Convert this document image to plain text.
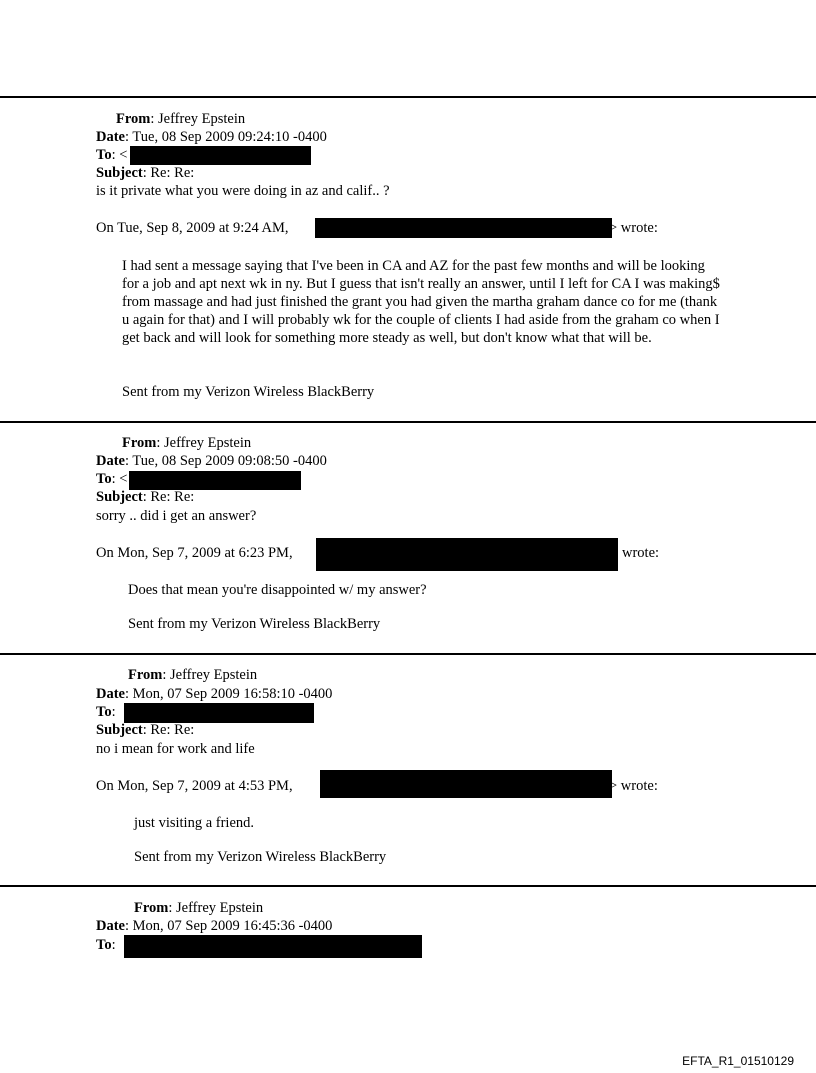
From: Jeffrey Epstein
Date: Tue, 08 Sep 2009 09:24:10 -0400
To: <
Subject: Re: Re:
is it private what you were doing in az and calif.. ?
On Tue, Sep 8, 2009 at 9:24 AM,	> wrote:
I had sent a message saying that I've been in CA and AZ for the past few months and will be looking for a job and apt next wk in ny. But I guess that isn't really an answer, until I left for CA I was making$ from massage and had just finished the grant you had given the martha graham dance co for me (thank u again for that) and I will probably wk for the couple of clients I had aside from the graham co when I get back and will look for something more steady as well, but don't know what that will be.
Sent from my Verizon Wireless BlackBerry
From: Jeffrey Epstein
Date: Tue, 08 Sep 2009 09:08:50 -0400
To: <
Subject: Re: Re:
sorry .. did i get an answer?
On Mon, Sep 7, 2009 at 6:23 PM,	wrote:
Does that mean you're disappointed w/ my answer?
Sent from my Verizon Wireless BlackBerry
From: Jeffrey Epstein
Date: Mon, 07 Sep 2009 16:58:10 -0400
To:
Subject: Re: Re:
no i mean for work and life
On Mon, Sep 7, 2009 at 4:53 PM,	> wrote:
just visiting a friend.
Sent from my Verizon Wireless BlackBerry
From: Jeffrey Epstein
Date: Mon, 07 Sep 2009 16:45:36 -0400
To:
EFTA_R1_01510129
